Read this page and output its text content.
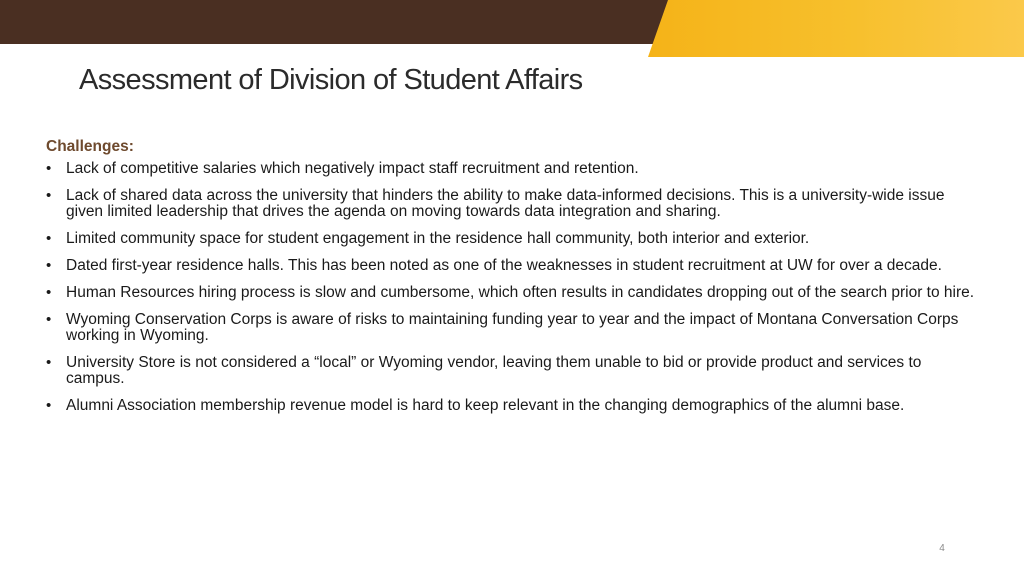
Assessment of Division of Student Affairs
Challenges:
• Lack of competitive salaries which negatively impact staff recruitment and retention.
• Lack of shared data across the university that hinders the ability to make data-informed decisions. This is a university-wide issue given limited leadership that drives the agenda on moving towards data integration and sharing.
• Limited community space for student engagement in the residence hall community, both interior and exterior.
• Dated first-year residence halls. This has been noted as one of the weaknesses in student recruitment at UW for over a decade.
• Human Resources hiring process is slow and cumbersome, which often results in candidates dropping out of the search prior to hire.
• Wyoming Conservation Corps is aware of risks to maintaining funding year to year and the impact of Montana Conversation Corps working in Wyoming.
• University Store is not considered a “local” or Wyoming vendor, leaving them unable to bid or provide product and services to campus.
• Alumni Association membership revenue model is hard to keep relevant in the changing demographics of the alumni base.
4
